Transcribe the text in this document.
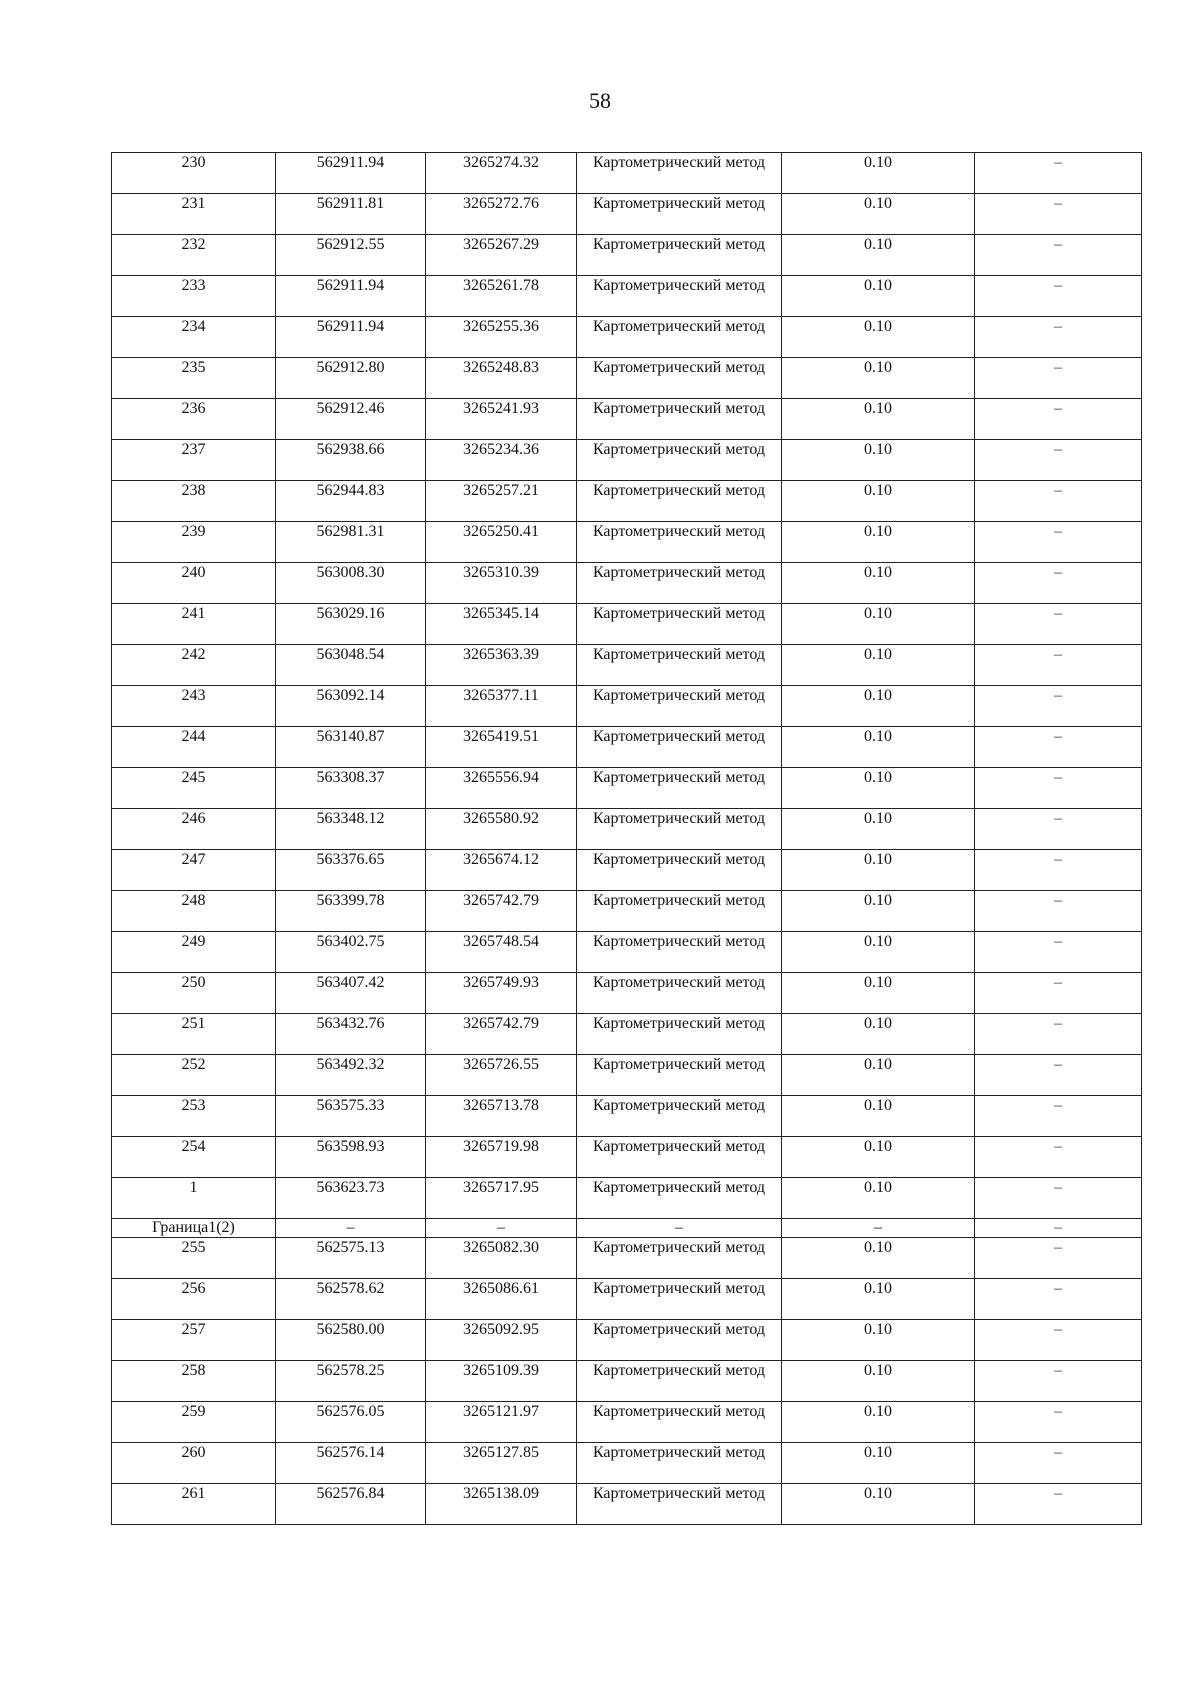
58
230	562911.94	3265274.32	Картометрический метод	0.10	–
231	562911.81	3265272.76	Картометрический метод	0.10	–
232	562912.55	3265267.29	Картометрический метод	0.10	–
233	562911.94	3265261.78	Картометрический метод	0.10	–
234	562911.94	3265255.36	Картометрический метод	0.10	–
235	562912.80	3265248.83	Картометрический метод	0.10	–
236	562912.46	3265241.93	Картометрический метод	0.10	–
237	562938.66	3265234.36	Картометрический метод	0.10	–
238	562944.83	3265257.21	Картометрический метод	0.10	–
239	562981.31	3265250.41	Картометрический метод	0.10	–
240	563008.30	3265310.39	Картометрический метод	0.10	–
241	563029.16	3265345.14	Картометрический метод	0.10	–
242	563048.54	3265363.39	Картометрический метод	0.10	–
243	563092.14	3265377.11	Картометрический метод	0.10	–
244	563140.87	3265419.51	Картометрический метод	0.10	–
245	563308.37	3265556.94	Картометрический метод	0.10	–
246	563348.12	3265580.92	Картометрический метод	0.10	–
247	563376.65	3265674.12	Картометрический метод	0.10	–
248	563399.78	3265742.79	Картометрический метод	0.10	–
249	563402.75	3265748.54	Картометрический метод	0.10	–
250	563407.42	3265749.93	Картометрический метод	0.10	–
251	563432.76	3265742.79	Картометрический метод	0.10	–
252	563492.32	3265726.55	Картометрический метод	0.10	–
253	563575.33	3265713.78	Картометрический метод	0.10	–
254	563598.93	3265719.98	Картометрический метод	0.10	–
1	563623.73	3265717.95	Картометрический метод	0.10	–
Граница1(2)	–	–	–	–	–
255	562575.13	3265082.30	Картометрический метод	0.10	–
256	562578.62	3265086.61	Картометрический метод	0.10	–
257	562580.00	3265092.95	Картометрический метод	0.10	–
258	562578.25	3265109.39	Картометрический метод	0.10	–
259	562576.05	3265121.97	Картометрический метод	0.10	–
260	562576.14	3265127.85	Картометрический метод	0.10	–
261	562576.84	3265138.09	Картометрический метод	0.10	–
